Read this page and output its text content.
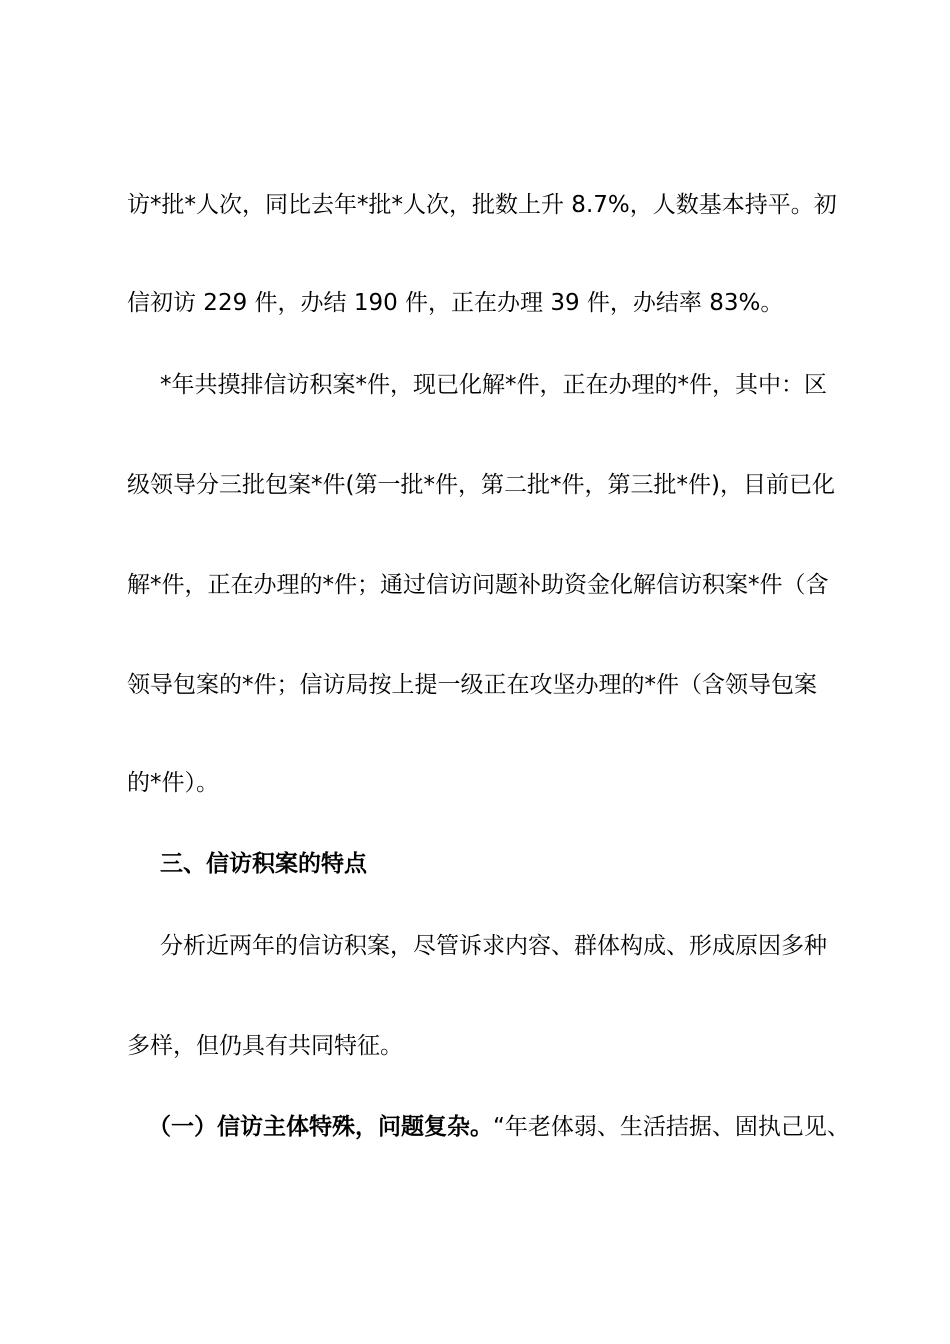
访*批*人次，同比去年*批*人次，批数上升 8.7%，人数基本持平。初
信初访 229 件，办结 190 件，正在办理 39 件，办结率 83%。
*年共摸排信访积案*件，现已化解*件，正在办理的*件，其中：区
级领导分三批包案*件(第一批*件，第二批*件，第三批*件)，目前已化
解*件，正在办理的*件；通过信访问题补助资金化解信访积案*件（含
领导包案的*件；信访局按上提一级正在攻坚办理的*件（含领导包案
的*件）。
三、信访积案的特点
分析近两年的信访积案，尽管诉求内容、群体构成、形成原因多种
多样，但仍具有共同特征。
（一）信访主体特殊，问题复杂。“年老体弱、生活拮据、固执己见、
